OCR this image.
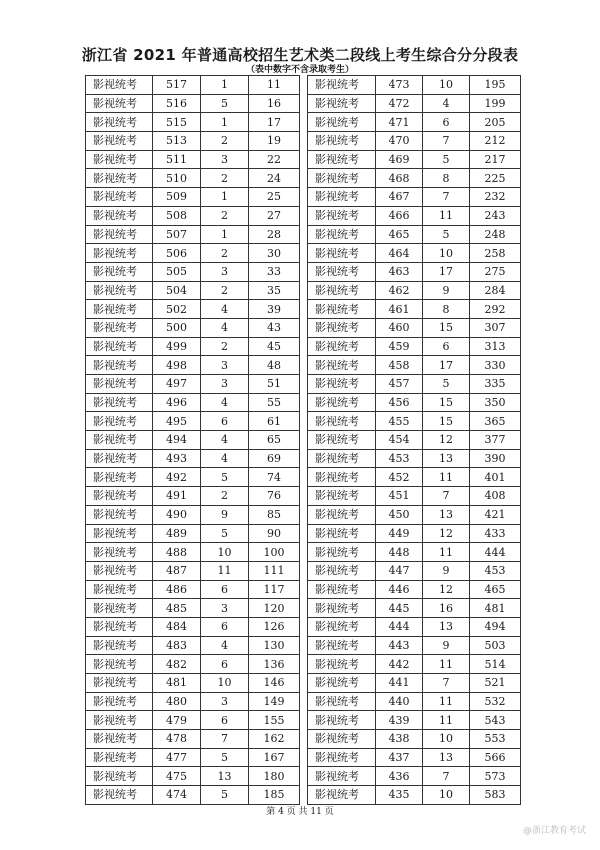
浙江省 2021 年普通高校招生艺术类二段线上考生综合分分段表
（表中数字不含录取考生）
影视统考	517	1	11
影视统考	516	5	16
影视统考	515	1	17
影视统考	513	2	19
影视统考	511	3	22
影视统考	510	2	24
影视统考	509	1	25
影视统考	508	2	27
影视统考	507	1	28
影视统考	506	2	30
影视统考	505	3	33
影视统考	504	2	35
影视统考	502	4	39
影视统考	500	4	43
影视统考	499	2	45
影视统考	498	3	48
影视统考	497	3	51
影视统考	496	4	55
影视统考	495	6	61
影视统考	494	4	65
影视统考	493	4	69
影视统考	492	5	74
影视统考	491	2	76
影视统考	490	9	85
影视统考	489	5	90
影视统考	488	10	100
影视统考	487	11	111
影视统考	486	6	117
影视统考	485	3	120
影视统考	484	6	126
影视统考	483	4	130
影视统考	482	6	136
影视统考	481	10	146
影视统考	480	3	149
影视统考	479	6	155
影视统考	478	7	162
影视统考	477	5	167
影视统考	475	13	180
影视统考	474	5	185
影视统考	473	10	195
影视统考	472	4	199
影视统考	471	6	205
影视统考	470	7	212
影视统考	469	5	217
影视统考	468	8	225
影视统考	467	7	232
影视统考	466	11	243
影视统考	465	5	248
影视统考	464	10	258
影视统考	463	17	275
影视统考	462	9	284
影视统考	461	8	292
影视统考	460	15	307
影视统考	459	6	313
影视统考	458	17	330
影视统考	457	5	335
影视统考	456	15	350
影视统考	455	15	365
影视统考	454	12	377
影视统考	453	13	390
影视统考	452	11	401
影视统考	451	7	408
影视统考	450	13	421
影视统考	449	12	433
影视统考	448	11	444
影视统考	447	9	453
影视统考	446	12	465
影视统考	445	16	481
影视统考	444	13	494
影视统考	443	9	503
影视统考	442	11	514
影视统考	441	7	521
影视统考	440	11	532
影视统考	439	11	543
影视统考	438	10	553
影视统考	437	13	566
影视统考	436	7	573
影视统考	435	10	583
第 4 页 共 11 页
@浙江教育考试
